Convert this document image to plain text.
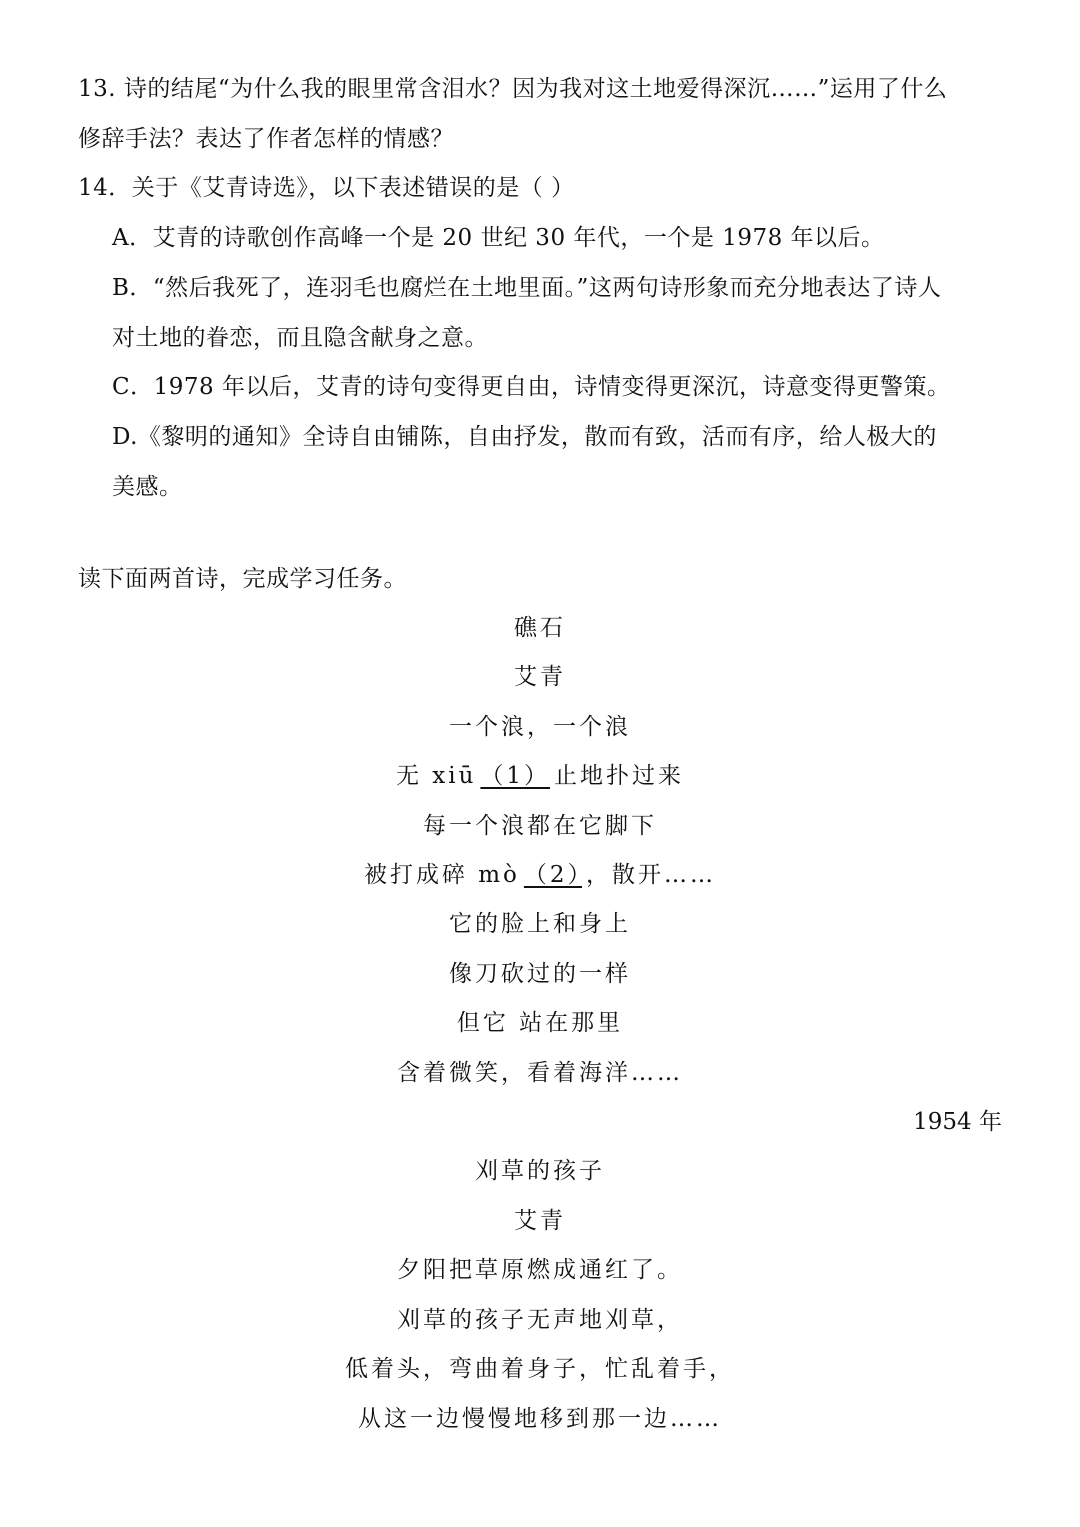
13. 诗的结尾“为什么我的眼里常含泪水？因为我对这土地爱得深沉……”运用了什么
修辞手法？表达了作者怎样的情感？
14．关于《艾青诗选》，以下表述错误的是（ ）
A．艾青的诗歌创作高峰一个是 20 世纪 30 年代，一个是 1978 年以后。
B．“然后我死了，连羽毛也腐烂在土地里面。”这两句诗形象而充分地表达了诗人
对土地的眷恋，而且隐含献身之意。
C．1978 年以后，艾青的诗句变得更自由，诗情变得更深沉，诗意变得更警策。
D.《黎明的通知》全诗自由铺陈，自由抒发，散而有致，活而有序，给人极大的
美感。
读下面两首诗，完成学习任务。
礁石
艾青
一个浪，一个浪
无 xiū （1） 止地扑过来
每一个浪都在它脚下
被打成碎 mò （2） ，散开……
它的脸上和身上
像刀砍过的一样
但它 站在那里
含着微笑，看着海洋……
1954 年
刈草的孩子
艾青
夕阳把草原燃成通红了。
刈草的孩子无声地刈草，
低着头，弯曲着身子，忙乱着手，
从这一边慢慢地移到那一边……
